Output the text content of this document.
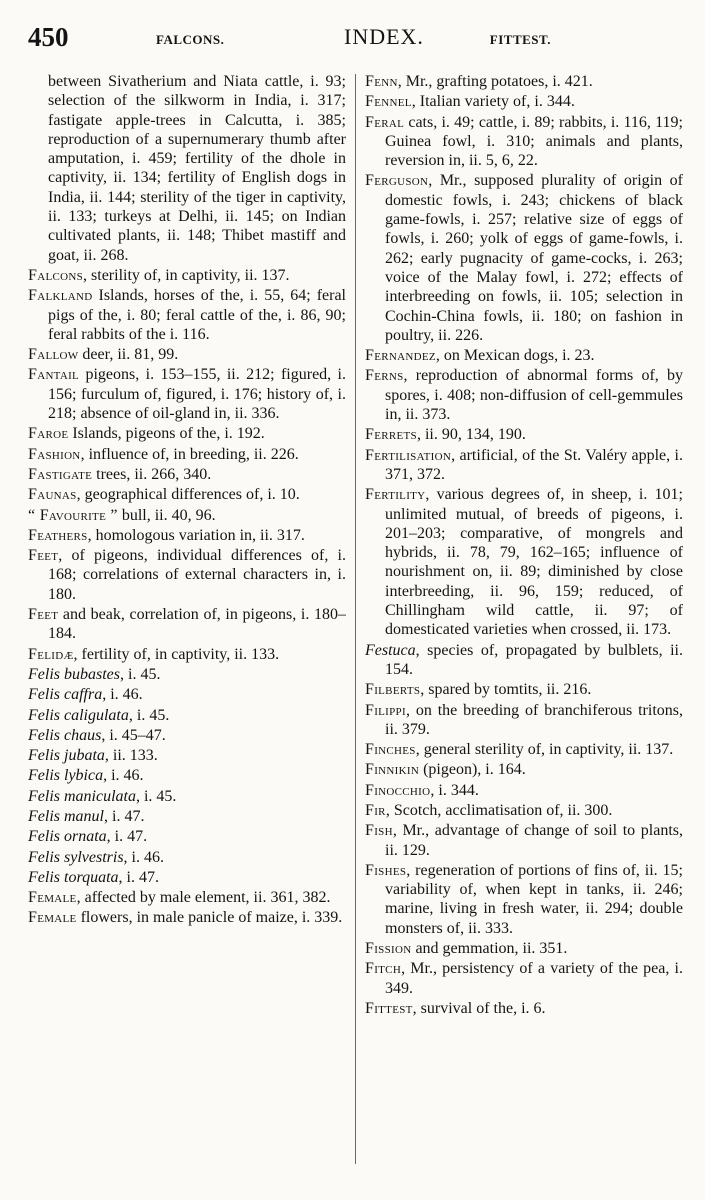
450	FALCONS.	INDEX.	FITTEST.
between Sivatherium and Niata cattle, i. 93; selection of the silkworm in India, i. 317; fastigate apple-trees in Calcutta, i. 385; reproduction of a supernumerary thumb after amputation, i. 459; fertility of the dhole in captivity, ii. 134; fertility of English dogs in India, ii. 144; sterility of the tiger in captivity, ii. 133; turkeys at Delhi, ii. 145; on Indian cultivated plants, ii. 148; Thibet mastiff and goat, ii. 268.
Falcons, sterility of, in captivity, ii. 137.
Falkland Islands, horses of the, i. 55, 64; feral pigs of the, i. 80; feral cattle of the, i. 86, 90; feral rabbits of the i. 116.
Fallow deer, ii. 81, 99.
Fantail pigeons, i. 153–155, ii. 212; figured, i. 156; furculum of, figured, i. 176; history of, i. 218; absence of oil-gland in, ii. 336.
Faroe Islands, pigeons of the, i. 192.
Fashion, influence of, in breeding, ii. 226.
Fastigate trees, ii. 266, 340.
Faunas, geographical differences of, i. 10.
“ Favourite ” bull, ii. 40, 96.
Feathers, homologous variation in, ii. 317.
Feet, of pigeons, individual differences of, i. 168; correlations of external characters in, i. 180.
Feet and beak, correlation of, in pigeons, i. 180–184.
Felidæ, fertility of, in captivity, ii. 133.
Felis bubastes, i. 45.
Felis caffra, i. 46.
Felis caligulata, i. 45.
Felis chaus, i. 45–47.
Felis jubata, ii. 133.
Felis lybica, i. 46.
Felis maniculata, i. 45.
Felis manul, i. 47.
Felis ornata, i. 47.
Felis sylvestris, i. 46.
Felis torquata, i. 47.
Female, affected by male element, ii. 361, 382.
Female flowers, in male panicle of maize, i. 339.
Fenn, Mr., grafting potatoes, i. 421.
Fennel, Italian variety of, i. 344.
Feral cats, i. 49; cattle, i. 89; rabbits, i. 116, 119; Guinea fowl, i. 310; animals and plants, reversion in, ii. 5, 6, 22.
Ferguson, Mr., supposed plurality of origin of domestic fowls, i. 243; chickens of black game-fowls, i. 257; relative size of eggs of fowls, i. 260; yolk of eggs of game-fowls, i. 262; early pugnacity of game-cocks, i. 263; voice of the Malay fowl, i. 272; effects of interbreeding on fowls, ii. 105; selection in Cochin-China fowls, ii. 180; on fashion in poultry, ii. 226.
Fernandez, on Mexican dogs, i. 23.
Ferns, reproduction of abnormal forms of, by spores, i. 408; non-diffusion of cell-gemmules in, ii. 373.
Ferrets, ii. 90, 134, 190.
Fertilisation, artificial, of the St. Valéry apple, i. 371, 372.
Fertility, various degrees of, in sheep, i. 101; unlimited mutual, of breeds of pigeons, i. 201–203; comparative, of mongrels and hybrids, ii. 78, 79, 162–165; influence of nourishment on, ii. 89; diminished by close interbreeding, ii. 96, 159; reduced, of Chillingham wild cattle, ii. 97; of domesticated varieties when crossed, ii. 173.
Festuca, species of, propagated by bulblets, ii. 154.
Filberts, spared by tomtits, ii. 216.
Filippi, on the breeding of branchiferous tritons, ii. 379.
Finches, general sterility of, in captivity, ii. 137.
Finnikin (pigeon), i. 164.
Finocchio, i. 344.
Fir, Scotch, acclimatisation of, ii. 300.
Fish, Mr., advantage of change of soil to plants, ii. 129.
Fishes, regeneration of portions of fins of, ii. 15; variability of, when kept in tanks, ii. 246; marine, living in fresh water, ii. 294; double monsters of, ii. 333.
Fission and gemmation, ii. 351.
Fitch, Mr., persistency of a variety of the pea, i. 349.
Fittest, survival of the, i. 6.
